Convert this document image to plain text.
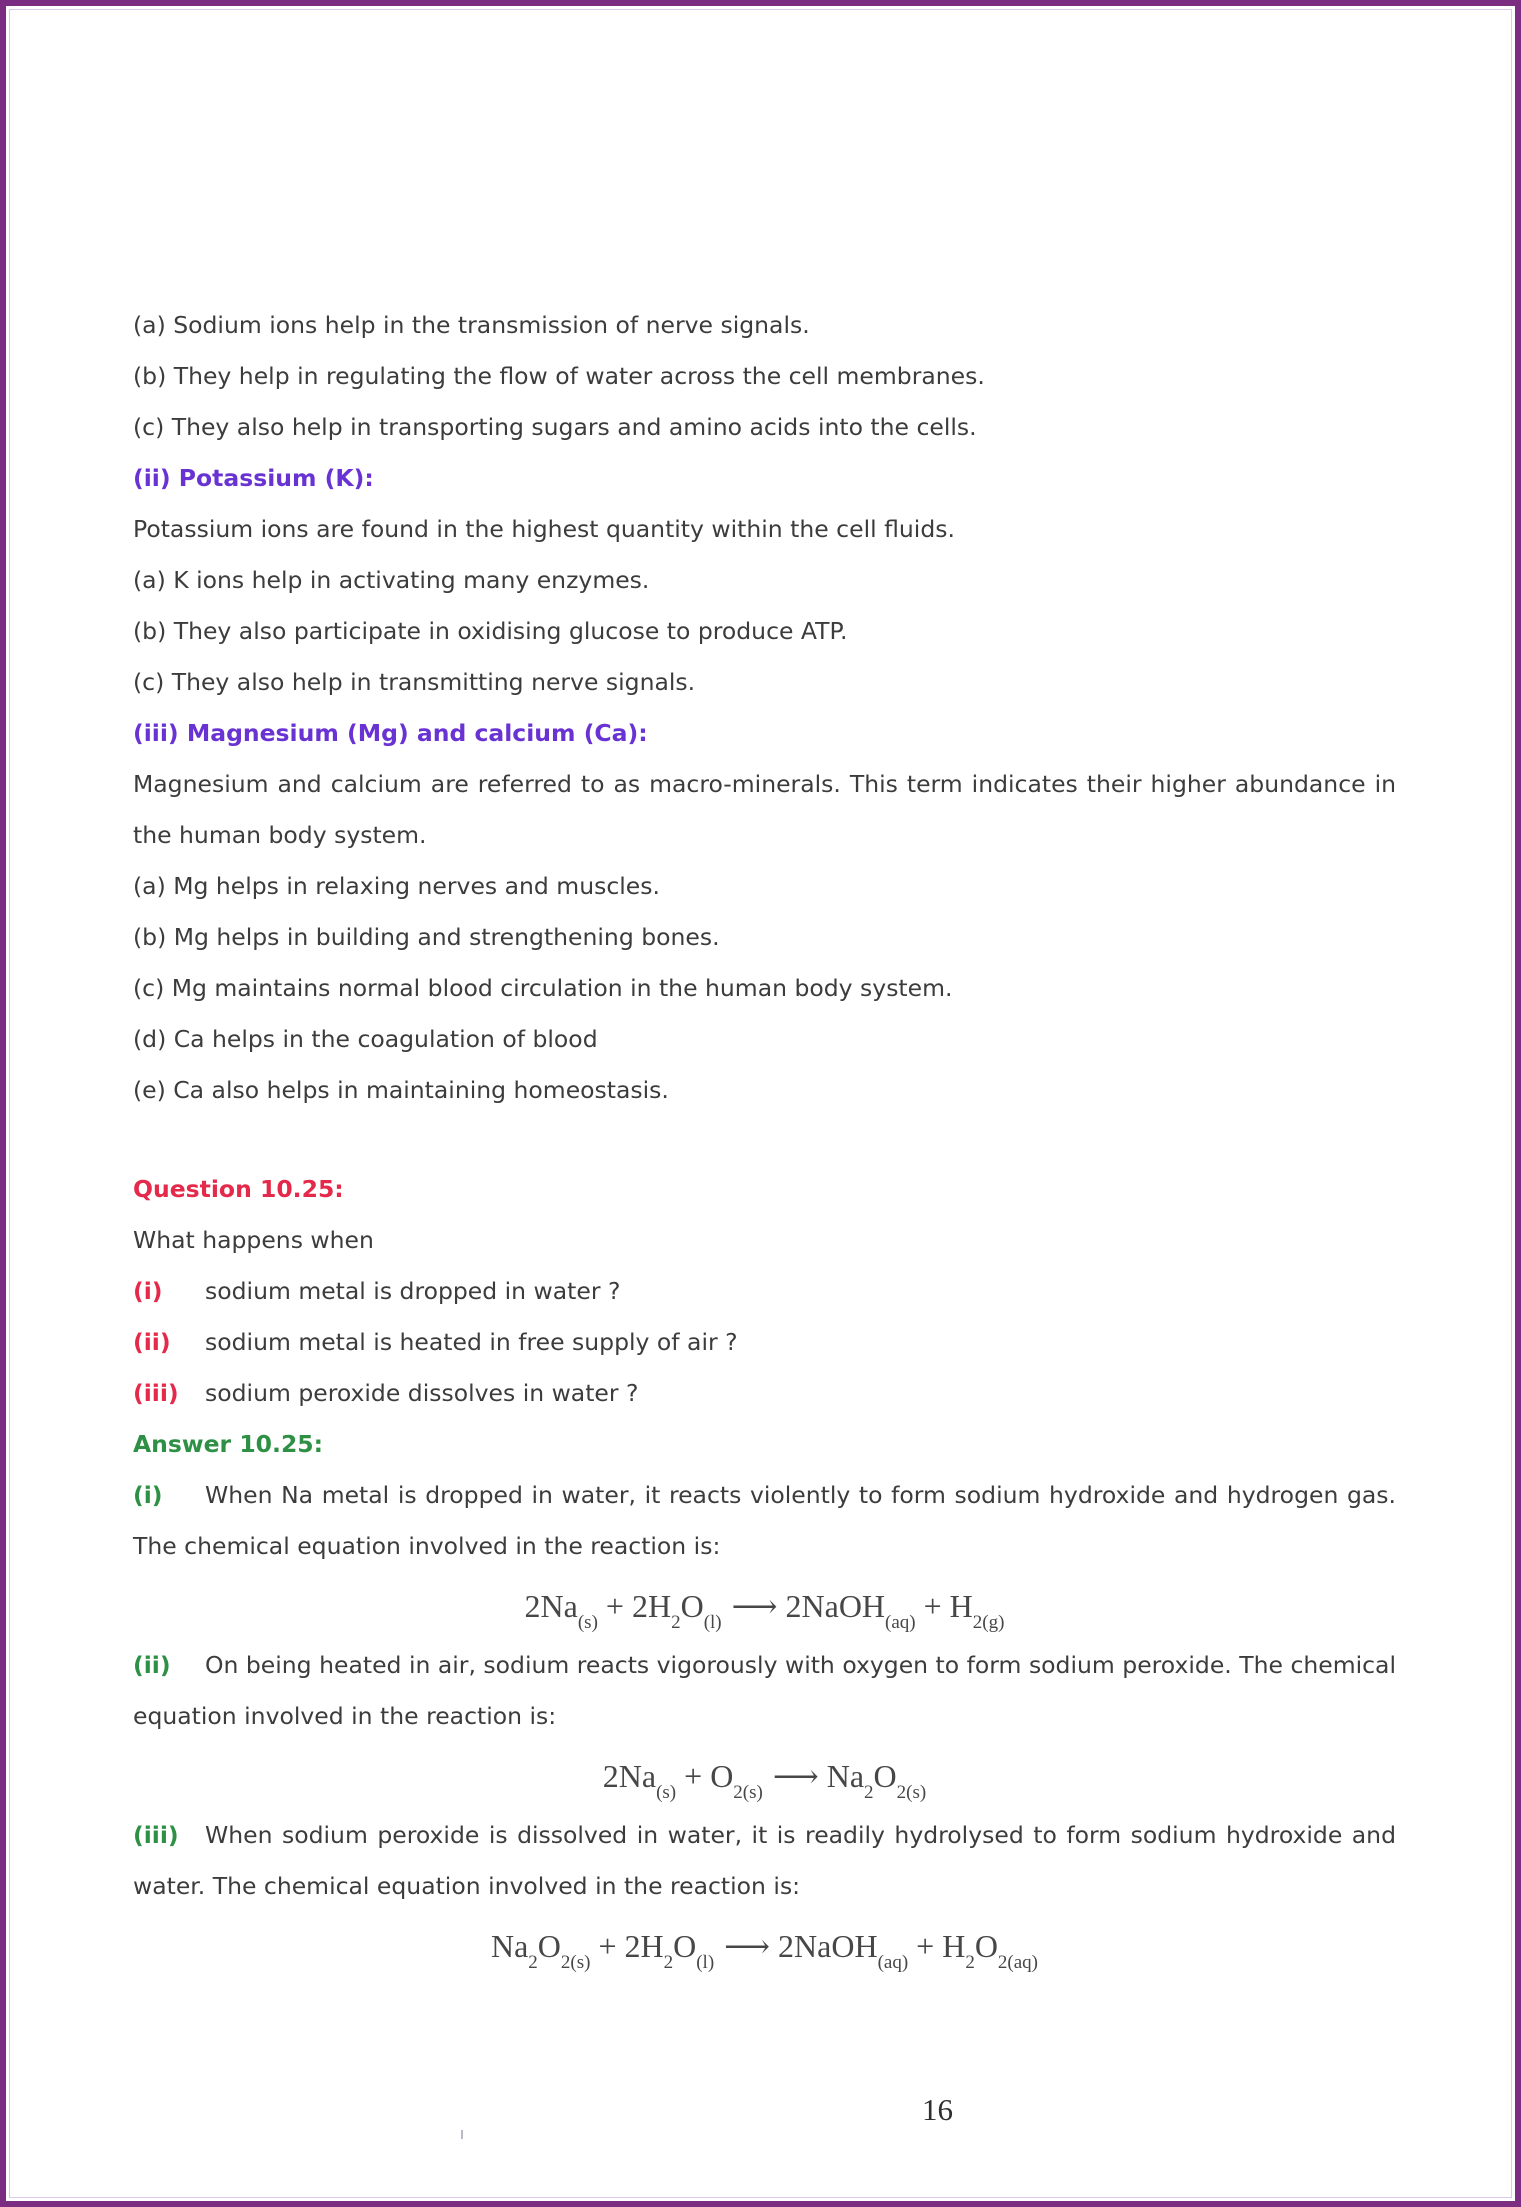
(a) Sodium ions help in the transmission of nerve signals.
(b) They help in regulating the flow of water across the cell membranes.
(c) They also help in transporting sugars and amino acids into the cells.
(ii) Potassium (K):
Potassium ions are found in the highest quantity within the cell fluids.
(a) K ions help in activating many enzymes.
(b) They also participate in oxidising glucose to produce ATP.
(c) They also help in transmitting nerve signals.
(iii) Magnesium (Mg) and calcium (Ca):
Magnesium and calcium are referred to as macro-minerals. This term indicates their higher abundance in the human body system.
(a) Mg helps in relaxing nerves and muscles.
(b) Mg helps in building and strengthening bones.
(c) Mg maintains normal blood circulation in the human body system.
(d) Ca helps in the coagulation of blood
(e) Ca also helps in maintaining homeostasis.
Question 10.25:
What happens when
(i) sodium metal is dropped in water ?
(ii) sodium metal is heated in free supply of air ?
(iii) sodium peroxide dissolves in water ?
Answer 10.25:
(i) When Na metal is dropped in water, it reacts violently to form sodium hydroxide and hydrogen gas. The chemical equation involved in the reaction is:
$2Na_{(s)} + 2H_2O_{(l)}$ ⟶ 2NaOH$_{(aq)}$ + $H_{2(g)}$
(ii) On being heated in air, sodium reacts vigorously with oxygen to form sodium peroxide. The chemical equation involved in the reaction is:
$2Na_{(s)} + O_{2(s)}$ ⟶ $Na_2O_{2(s)}$
(iii) When sodium peroxide is dissolved in water, it is readily hydrolysed to form sodium hydroxide and water. The chemical equation involved in the reaction is:
$Na_2O_{2(s)} + 2H_2O_{(l)}$ ⟶ 2NaOH$_{(aq)}$ + $H_2O_{2(aq)}$
16
